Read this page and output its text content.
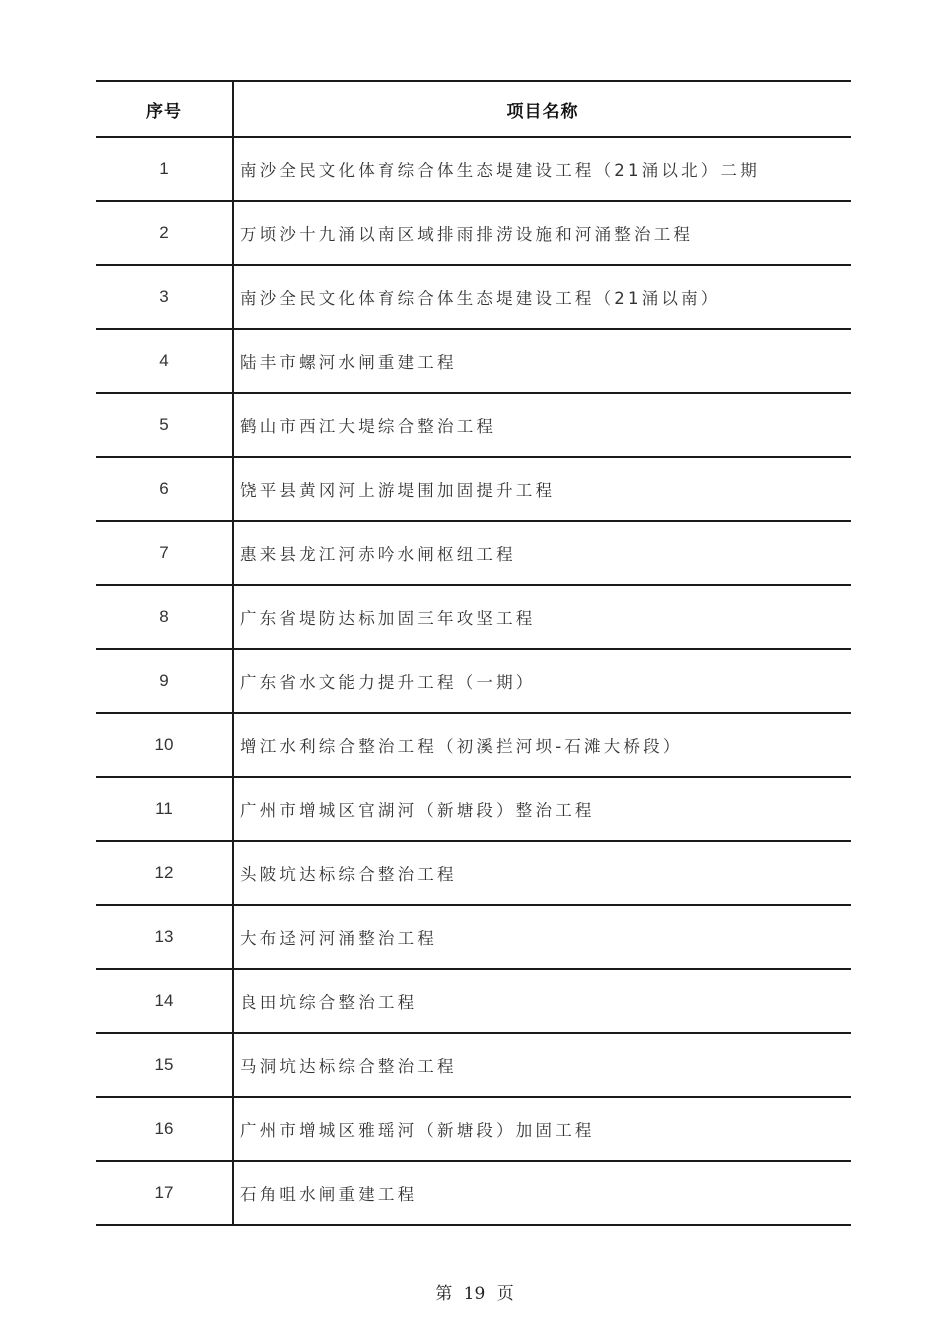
序号	项目名称
1	南沙全民文化体育综合体生态堤建设工程（21涌以北）二期
2	万顷沙十九涌以南区域排雨排涝设施和河涌整治工程
3	南沙全民文化体育综合体生态堤建设工程（21涌以南）
4	陆丰市螺河水闸重建工程
5	鹤山市西江大堤综合整治工程
6	饶平县黄冈河上游堤围加固提升工程
7	惠来县龙江河赤吟水闸枢纽工程
8	广东省堤防达标加固三年攻坚工程
9	广东省水文能力提升工程（一期）
10	增江水利综合整治工程（初溪拦河坝-石滩大桥段）
11	广州市增城区官湖河（新塘段）整治工程
12	头陂坑达标综合整治工程
13	大布迳河河涌整治工程
14	良田坑综合整治工程
15	马洞坑达标综合整治工程
16	广州市增城区雅瑶河（新塘段）加固工程
17	石角咀水闸重建工程
第 19 页
